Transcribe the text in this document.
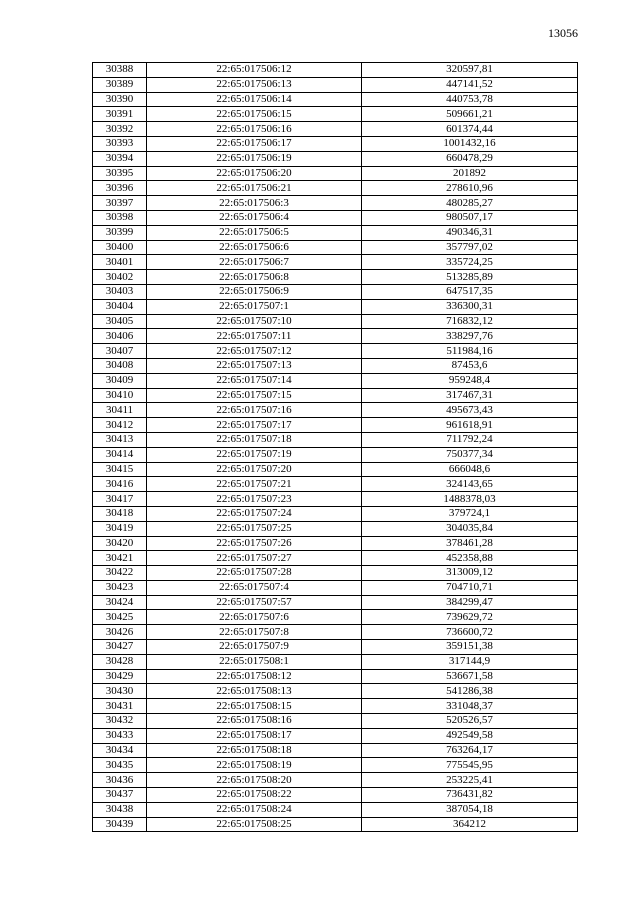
13056
30388	22:65:017506:12	320597,81
30389	22:65:017506:13	447141,52
30390	22:65:017506:14	440753,78
30391	22:65:017506:15	509661,21
30392	22:65:017506:16	601374,44
30393	22:65:017506:17	1001432,16
30394	22:65:017506:19	660478,29
30395	22:65:017506:20	201892
30396	22:65:017506:21	278610,96
30397	22:65:017506:3	480285,27
30398	22:65:017506:4	980507,17
30399	22:65:017506:5	490346,31
30400	22:65:017506:6	357797,02
30401	22:65:017506:7	335724,25
30402	22:65:017506:8	513285,89
30403	22:65:017506:9	647517,35
30404	22:65:017507:1	336300,31
30405	22:65:017507:10	716832,12
30406	22:65:017507:11	338297,76
30407	22:65:017507:12	511984,16
30408	22:65:017507:13	87453,6
30409	22:65:017507:14	959248,4
30410	22:65:017507:15	317467,31
30411	22:65:017507:16	495673,43
30412	22:65:017507:17	961618,91
30413	22:65:017507:18	711792,24
30414	22:65:017507:19	750377,34
30415	22:65:017507:20	666048,6
30416	22:65:017507:21	324143,65
30417	22:65:017507:23	1488378,03
30418	22:65:017507:24	379724,1
30419	22:65:017507:25	304035,84
30420	22:65:017507:26	378461,28
30421	22:65:017507:27	452358,88
30422	22:65:017507:28	313009,12
30423	22:65:017507:4	704710,71
30424	22:65:017507:57	384299,47
30425	22:65:017507:6	739629,72
30426	22:65:017507:8	736600,72
30427	22:65:017507:9	359151,38
30428	22:65:017508:1	317144,9
30429	22:65:017508:12	536671,58
30430	22:65:017508:13	541286,38
30431	22:65:017508:15	331048,37
30432	22:65:017508:16	520526,57
30433	22:65:017508:17	492549,58
30434	22:65:017508:18	763264,17
30435	22:65:017508:19	775545,95
30436	22:65:017508:20	253225,41
30437	22:65:017508:22	736431,82
30438	22:65:017508:24	387054,18
30439	22:65:017508:25	364212
